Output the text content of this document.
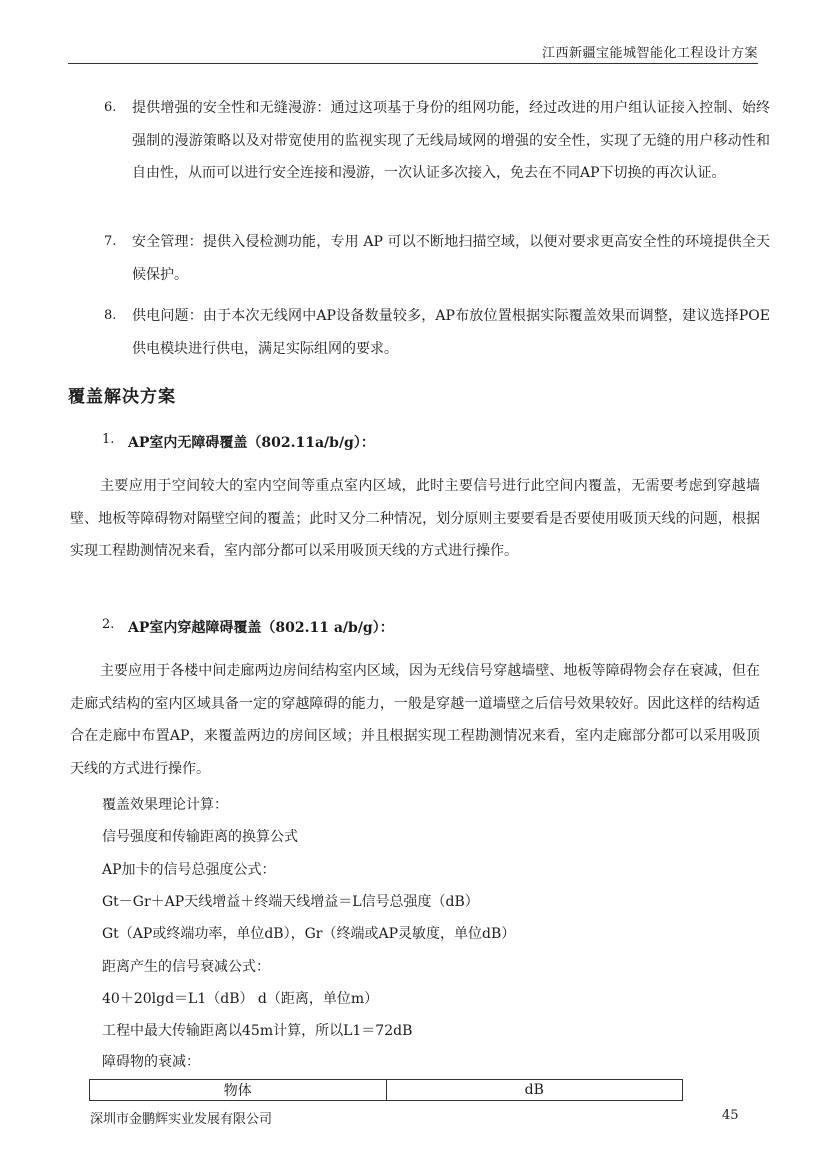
江西新疆宝能城智能化工程设计方案
6. 提供增强的安全性和无缝漫游：通过这项基于身份的组网功能，经过改进的用户组认证接入控制、始终强制的漫游策略以及对带宽使用的监视实现了无线局域网的增强的安全性，实现了无缝的用户移动性和自由性，从而可以进行安全连接和漫游，一次认证多次接入，免去在不同AP下切换的再次认证。
7. 安全管理：提供入侵检测功能，专用 AP 可以不断地扫描空域，以便对要求更高安全性的环境提供全天候保护。
8. 供电问题：由于本次无线网中AP设备数量较多，AP布放位置根据实际覆盖效果而调整，建议选择POE供电模块进行供电，满足实际组网的要求。
覆盖解决方案
1. AP室内无障碍覆盖（802.11a/b/g）：
主要应用于空间较大的室内空间等重点室内区域，此时主要信号进行此空间内覆盖，无需要考虑到穿越墙壁、地板等障碍物对隔壁空间的覆盖；此时又分二种情况，划分原则主要要看是否要使用吸顶天线的问题，根据实现工程勘测情况来看，室内部分都可以采用吸顶天线的方式进行操作。
2. AP室内穿越障碍覆盖（802.11 a/b/g）：
主要应用于各楼中间走廊两边房间结构室内区域，因为无线信号穿越墙壁、地板等障碍物会存在衰减，但在走廊式结构的室内区域具备一定的穿越障碍的能力，一般是穿越一道墙壁之后信号效果较好。因此这样的结构适合在走廊中布置AP，来覆盖两边的房间区域；并且根据实现工程勘测情况来看，室内走廊部分都可以采用吸顶天线的方式进行操作。
覆盖效果理论计算：
信号强度和传输距离的换算公式
AP加卡的信号总强度公式：
Gt－Gr＋AP天线增益＋终端天线增益＝L信号总强度（dB）
Gt（AP或终端功率，单位dB），Gr（终端或AP灵敏度，单位dB）
距离产生的信号衰减公式：
40＋20lgd＝L1（dB） d（距离，单位m）
工程中最大传输距离以45m计算，所以L1＝72dB
障碍物的衰减：
物体	dB
深圳市金鹏辉实业发展有限公司	45
